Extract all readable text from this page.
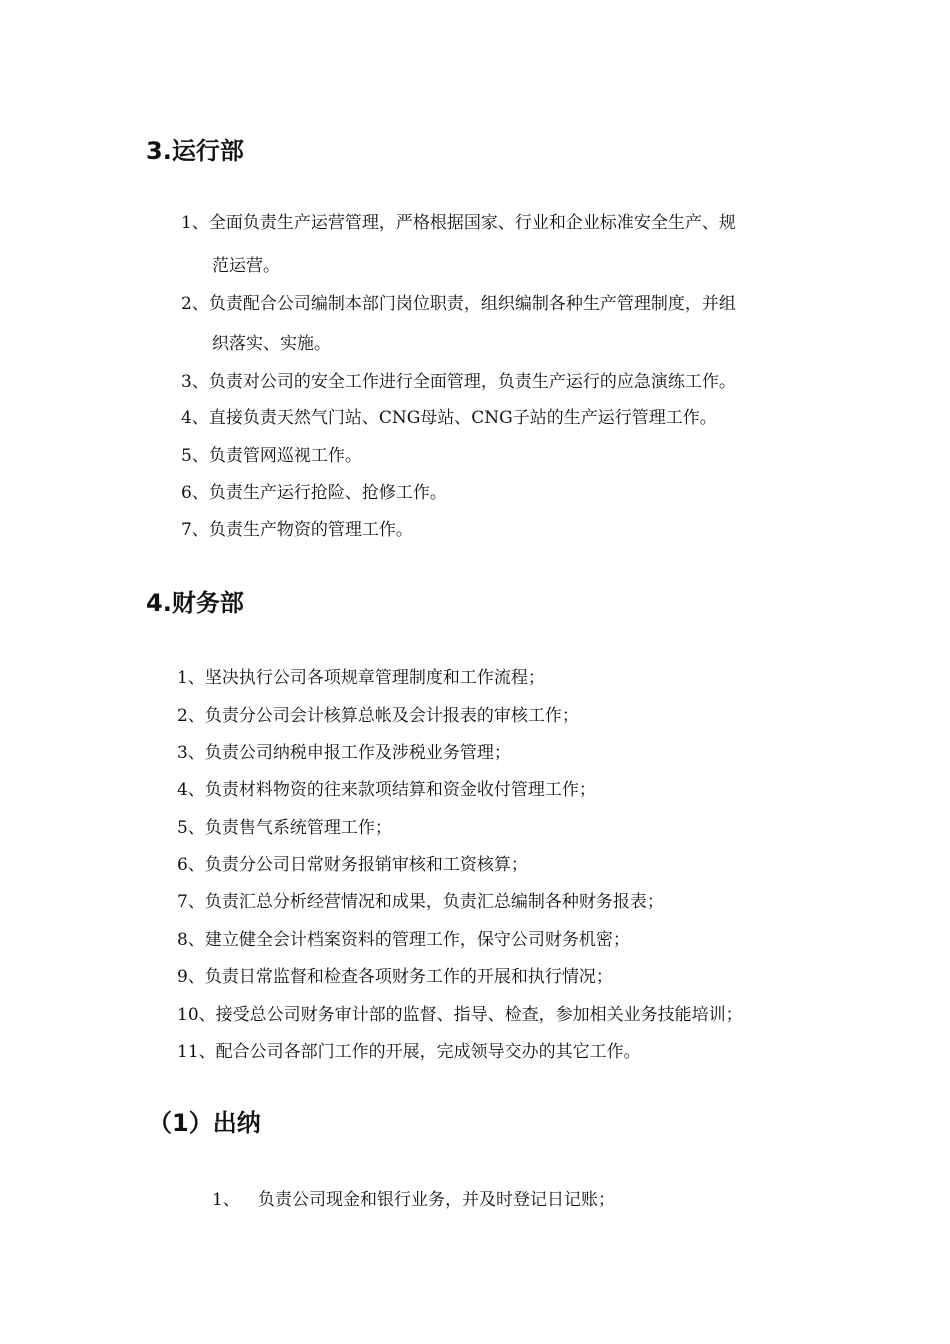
3.运行部

1、全面负责生产运营管理，严格根据国家、行业和企业标准安全生产、规

范运营。

2、负责配合公司编制本部门岗位职责，组织编制各种生产管理制度，并组

织落实、实施。

3、负责对公司的安全工作进行全面管理，负责生产运行的应急演练工作。

4、直接负责天然气门站、CNG母站、CNG子站的生产运行管理工作。

5、负责管网巡视工作。

6、负责生产运行抢险、抢修工作。

7、负责生产物资的管理工作。

4.财务部

1、坚决执行公司各项规章管理制度和工作流程；

2、负责分公司会计核算总帐及会计报表的审核工作；

3、负责公司纳税申报工作及涉税业务管理；

4、负责材料物资的往来款项结算和资金收付管理工作；

5、负责售气系统管理工作；

6、负责分公司日常财务报销审核和工资核算；

7、负责汇总分析经营情况和成果，负责汇总编制各种财务报表；

8、建立健全会计档案资料的管理工作，保守公司财务机密；

9、负责日常监督和检查各项财务工作的开展和执行情况；

10、接受总公司财务审计部的监督、指导、检查，参加相关业务技能培训；

11、配合公司各部门工作的开展，完成领导交办的其它工作。

（1）出纳

1、 负责公司现金和银行业务，并及时登记日记账；
